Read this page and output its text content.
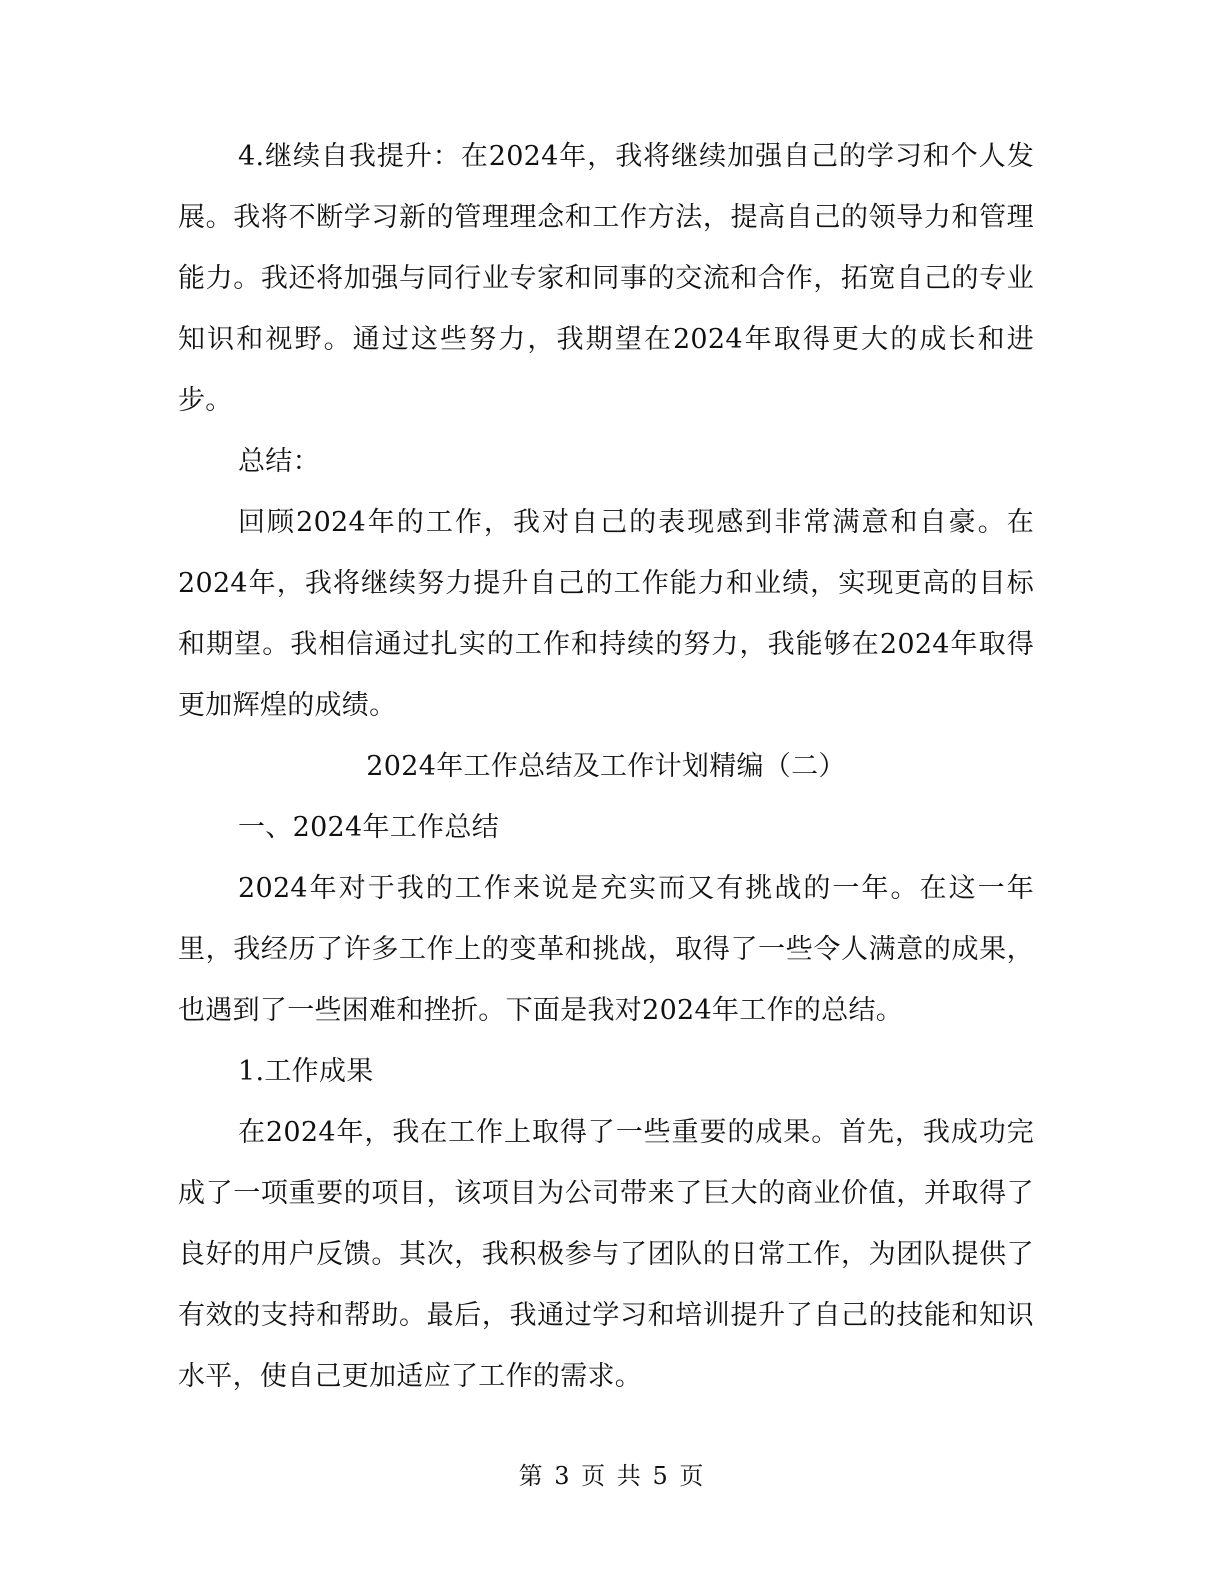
4.继续自我提升：在2024年，我将继续加强自己的学习和个人发展。我将不断学习新的管理理念和工作方法，提高自己的领导力和管理能力。我还将加强与同行业专家和同事的交流和合作，拓宽自己的专业知识和视野。通过这些努力，我期望在2024年取得更大的成长和进步。

总结：

回顾2024年的工作，我对自己的表现感到非常满意和自豪。在2024年，我将继续努力提升自己的工作能力和业绩，实现更高的目标和期望。我相信通过扎实的工作和持续的努力，我能够在2024年取得更加辉煌的成绩。

2024年工作总结及工作计划精编（二）

一、2024年工作总结

2024年对于我的工作来说是充实而又有挑战的一年。在这一年里，我经历了许多工作上的变革和挑战，取得了一些令人满意的成果，也遇到了一些困难和挫折。下面是我对2024年工作的总结。

1.工作成果

在2024年，我在工作上取得了一些重要的成果。首先，我成功完成了一项重要的项目，该项目为公司带来了巨大的商业价值，并取得了良好的用户反馈。其次，我积极参与了团队的日常工作，为团队提供了有效的支持和帮助。最后，我通过学习和培训提升了自己的技能和知识水平，使自己更加适应了工作的需求。

第 3 页 共 5 页
